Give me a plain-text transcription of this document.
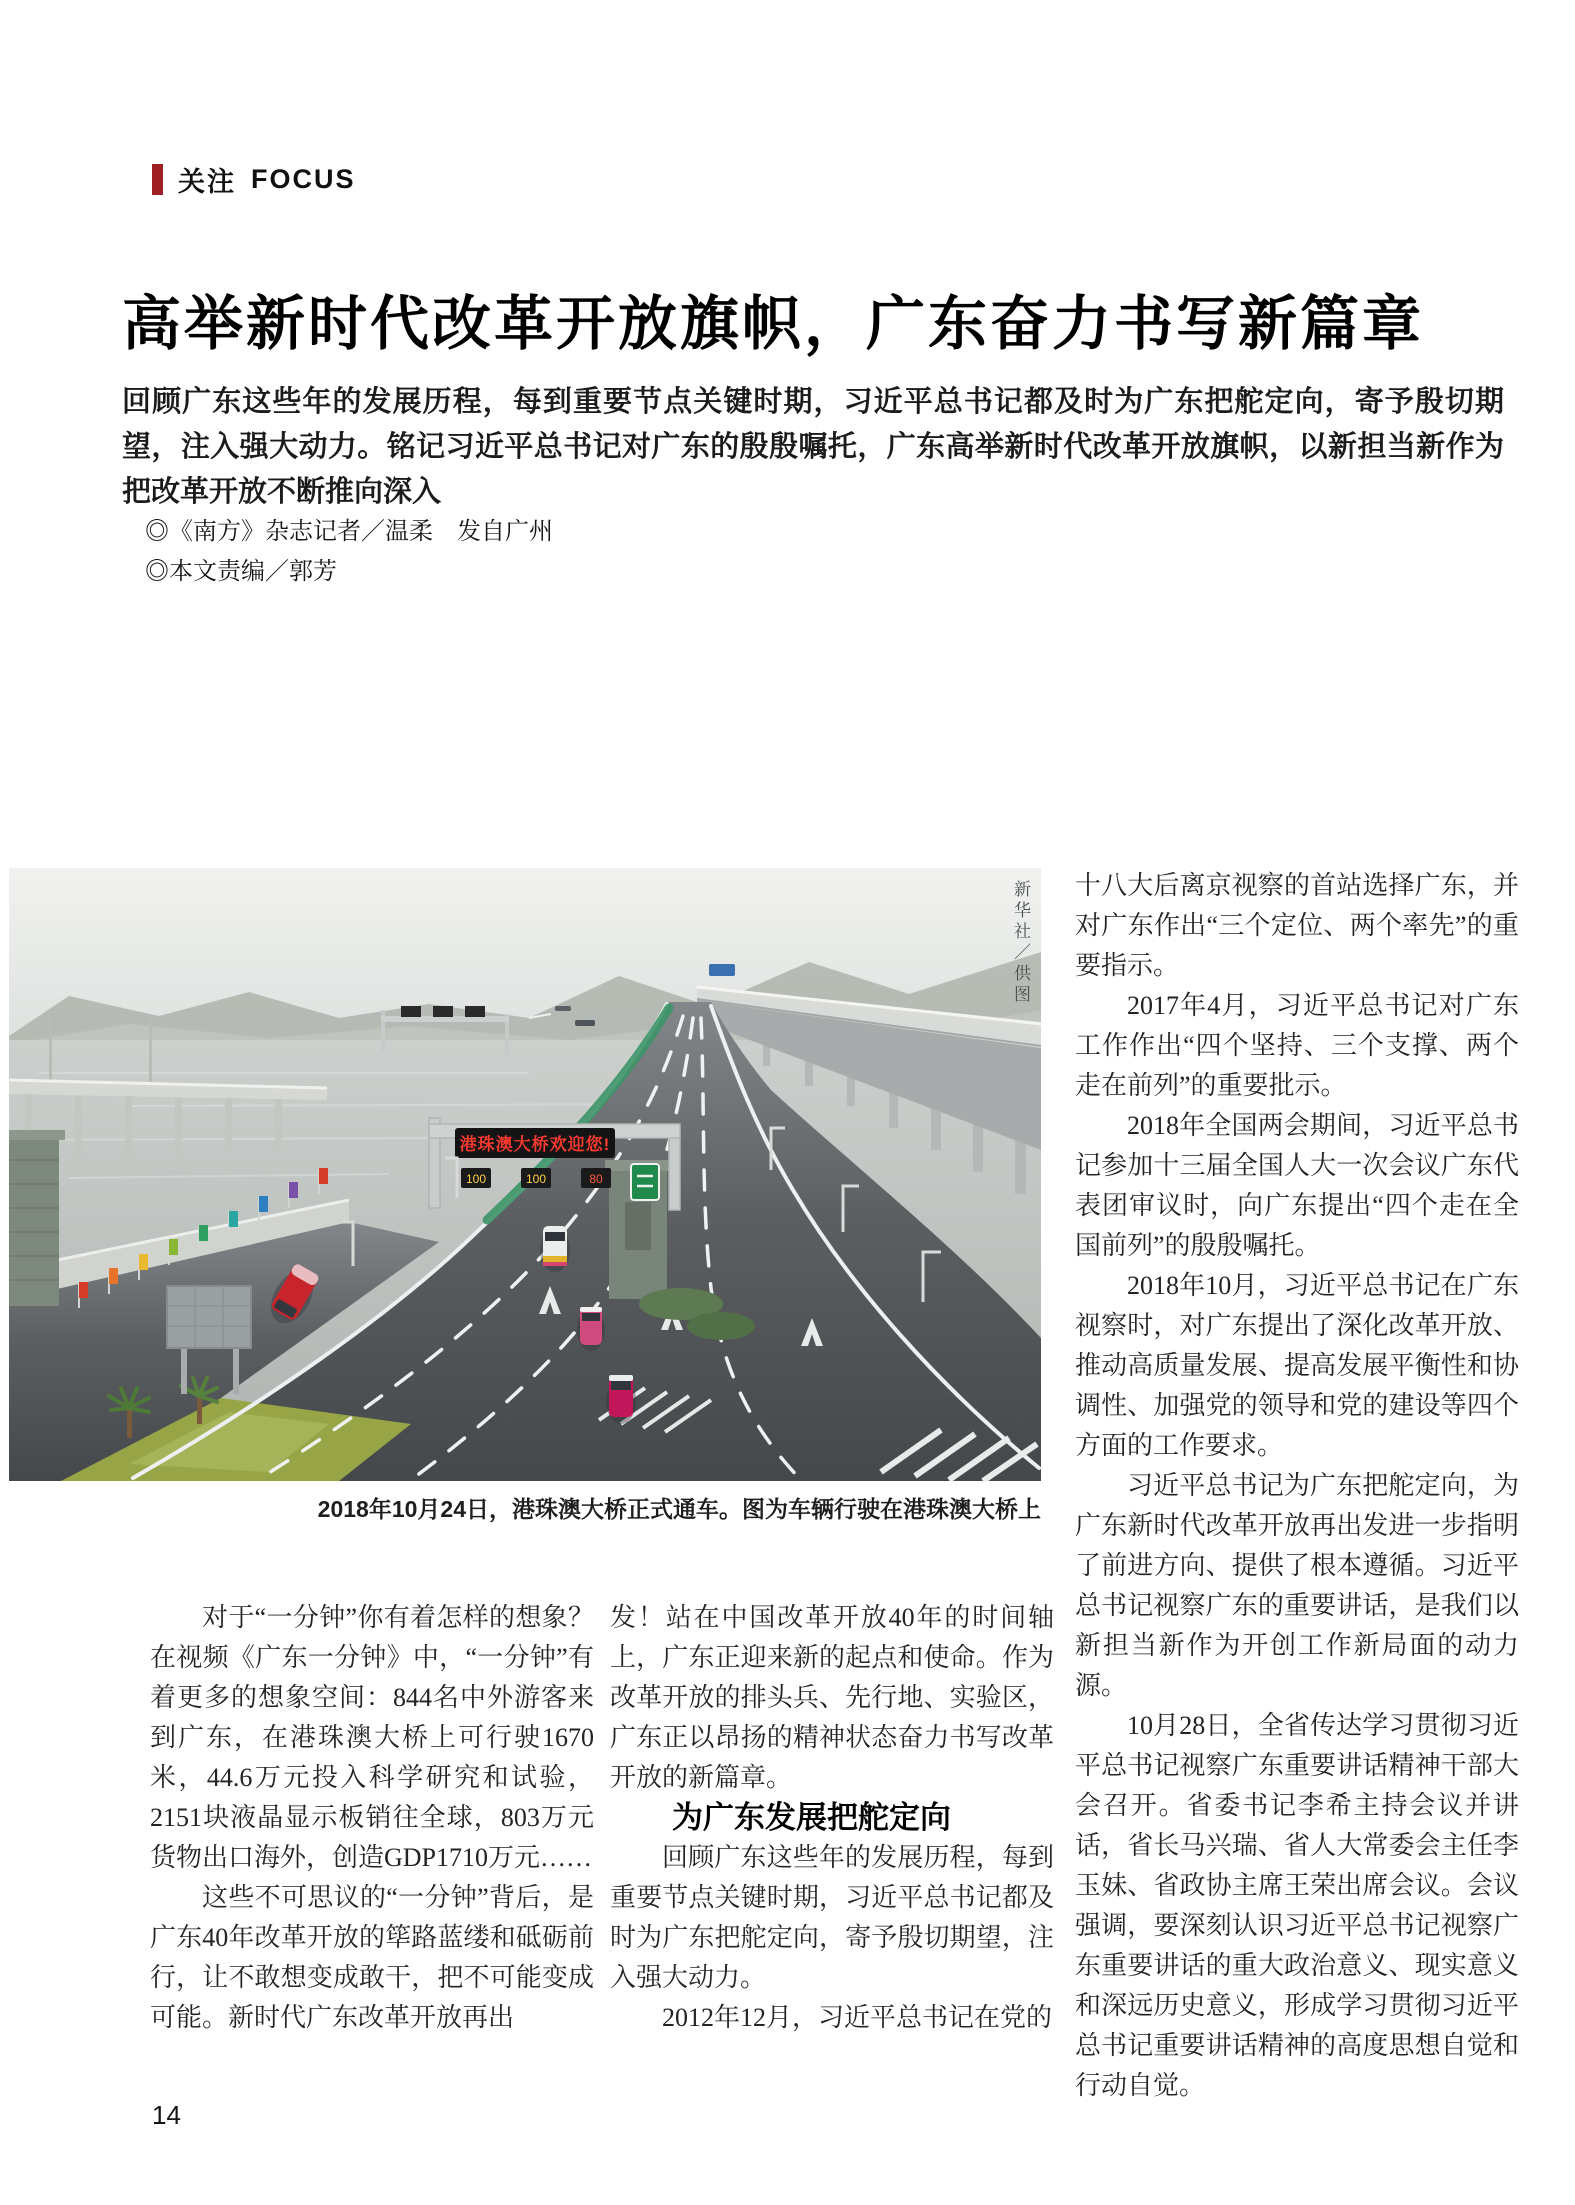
关注 FOCUS
高举新时代改革开放旗帜，广东奋力书写新篇章
回顾广东这些年的发展历程，每到重要节点关键时期，习近平总书记都及时为广东把舵定向，寄予殷切期望，注入强大动力。铭记习近平总书记对广东的殷殷嘱托，广东高举新时代改革开放旗帜，以新担当新作为把改革开放不断推向深入
◎《南方》杂志记者／温柔　发自广州
◎本文责编／郭芳
港珠澳大桥欢迎您!
100	100	80
新华社／供图
2018年10月24日，港珠澳大桥正式通车。图为车辆行驶在港珠澳大桥上

对于“一分钟”你有着怎样的想象？在视频《广东一分钟》中，“一分钟”有着更多的想象空间：844名中外游客来到广东，在港珠澳大桥上可行驶1670米，44.6万元投入科学研究和试验，2151块液晶显示板销往全球，803万元货物出口海外，创造GDP1710万元……

这些不可思议的“一分钟”背后，是广东40年改革开放的筚路蓝缕和砥砺前行，让不敢想变成敢干，把不可能变成可能。新时代广东改革开放再出

发！站在中国改革开放40年的时间轴上，广东正迎来新的起点和使命。作为改革开放的排头兵、先行地、实验区，广东正以昂扬的精神状态奋力书写改革开放的新篇章。

为广东发展把舵定向

回顾广东这些年的发展历程，每到重要节点关键时期，习近平总书记都及时为广东把舵定向，寄予殷切期望，注入强大动力。

2012年12月，习近平总书记在党的

十八大后离京视察的首站选择广东，并对广东作出“三个定位、两个率先”的重要指示。

2017年4月，习近平总书记对广东工作作出“四个坚持、三个支撑、两个走在前列”的重要批示。

2018年全国两会期间，习近平总书记参加十三届全国人大一次会议广东代表团审议时，向广东提出“四个走在全国前列”的殷殷嘱托。

2018年10月，习近平总书记在广东视察时，对广东提出了深化改革开放、推动高质量发展、提高发展平衡性和协调性、加强党的领导和党的建设等四个方面的工作要求。

习近平总书记为广东把舵定向，为广东新时代改革开放再出发进一步指明了前进方向、提供了根本遵循。习近平总书记视察广东的重要讲话，是我们以新担当新作为开创工作新局面的动力源。

10月28日，全省传达学习贯彻习近平总书记视察广东重要讲话精神干部大会召开。省委书记李希主持会议并讲话，省长马兴瑞、省人大常委会主任李玉妹、省政协主席王荣出席会议。会议强调，要深刻认识习近平总书记视察广东重要讲话的重大政治意义、现实意义和深远历史意义，形成学习贯彻习近平总书记重要讲话精神的高度思想自觉和行动自觉。

14
